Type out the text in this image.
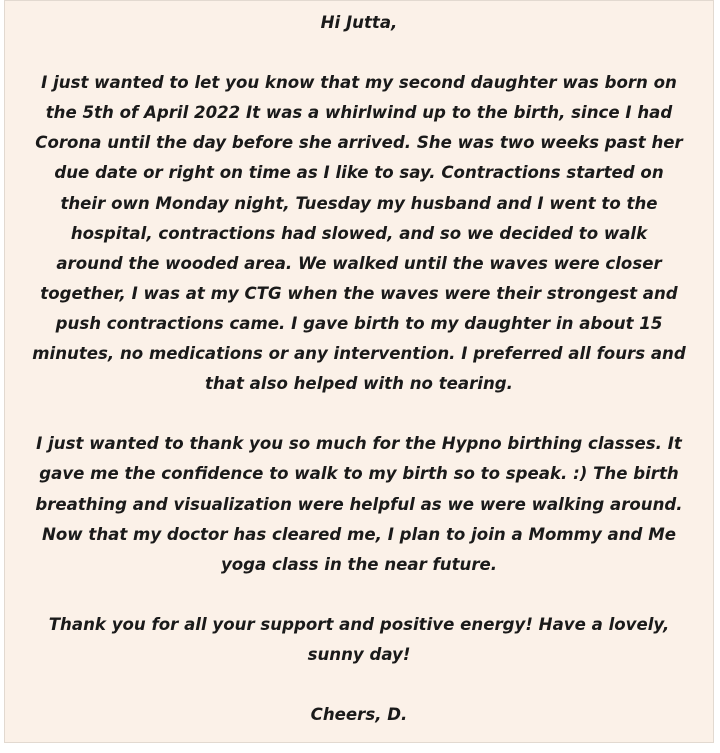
Hi Jutta,
I just wanted to let you know that my second daughter was born on
the 5th of April 2022 It was a whirlwind up to the birth, since I had
Corona until the day before she arrived. She was two weeks past her
due date or right on time as I like to say. Contractions started on
their own Monday night, Tuesday my husband and I went to the
hospital, contractions had slowed, and so we decided to walk
around the wooded area. We walked until the waves were closer
together, I was at my CTG when the waves were their strongest and
push contractions came. I gave birth to my daughter in about 15
minutes, no medications or any intervention. I preferred all fours and
that also helped with no tearing.
I just wanted to thank you so much for the Hypno birthing classes. It
gave me the confidence to walk to my birth so to speak. :) The birth
breathing and visualization were helpful as we were walking around.
Now that my doctor has cleared me, I plan to join a Mommy and Me
yoga class in the near future.
Thank you for all your support and positive energy! Have a lovely,
sunny day!
Cheers, D.
